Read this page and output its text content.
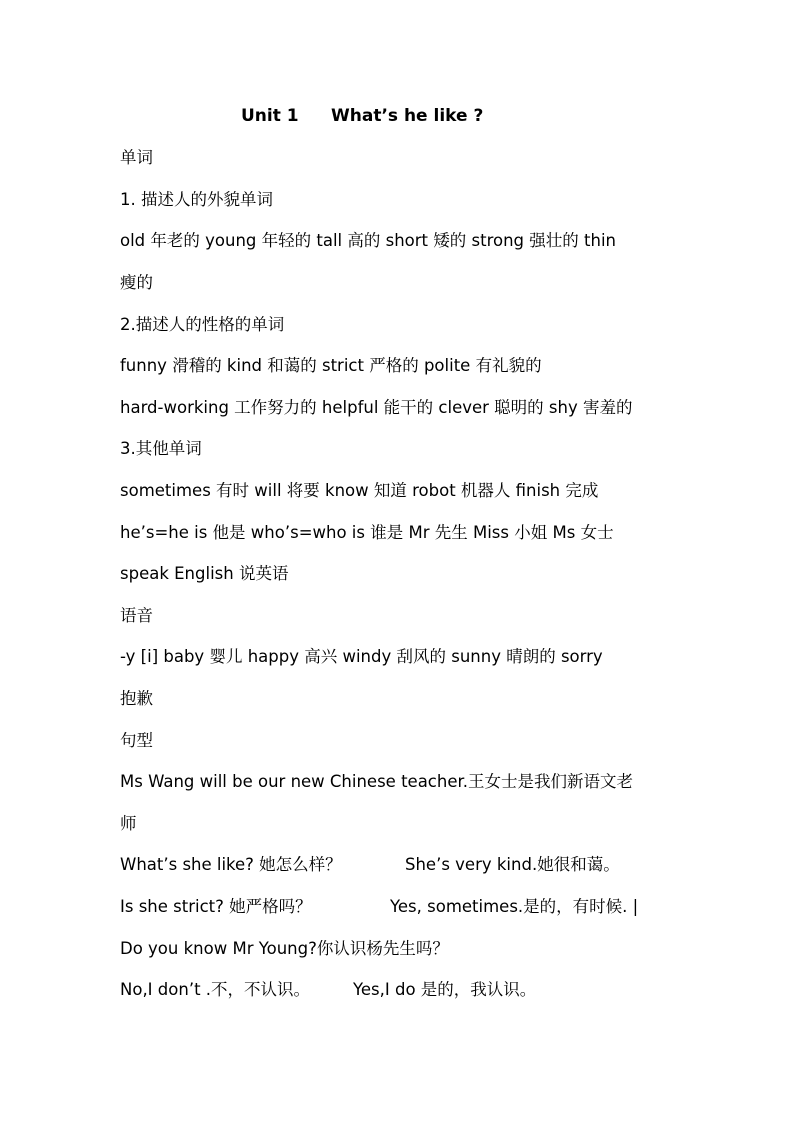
Unit 1 What’s he like ?
单词
1. 描述人的外貌单词
old 年老的 young 年轻的 tall 高的 short 矮的 strong 强壮的 thin
瘦的
2.描述人的性格的单词
funny 滑稽的 kind 和蔼的 strict 严格的 polite 有礼貌的
hard-working 工作努力的 helpful 能干的 clever 聪明的 shy 害羞的
3.其他单词
sometimes 有时 will 将要 know 知道 robot 机器人 finish 完成
he’s=he is 他是 who’s=who is 谁是 Mr 先生 Miss 小姐 Ms 女士
speak English 说英语
语音
-y [i] baby 婴儿 happy 高兴 windy 刮风的 sunny 晴朗的 sorry
抱歉
句型
Ms Wang will be our new Chinese teacher.王女士是我们新语文老
师
What’s she like? 她怎么样？	She’s very kind.她很和蔼。
Is she strict? 她严格吗？	Yes, sometimes.是的，有时候. |
Do you know Mr Young?你认识杨先生吗？
No,I don’t .不，不认识。	Yes,I do 是的，我认识。
